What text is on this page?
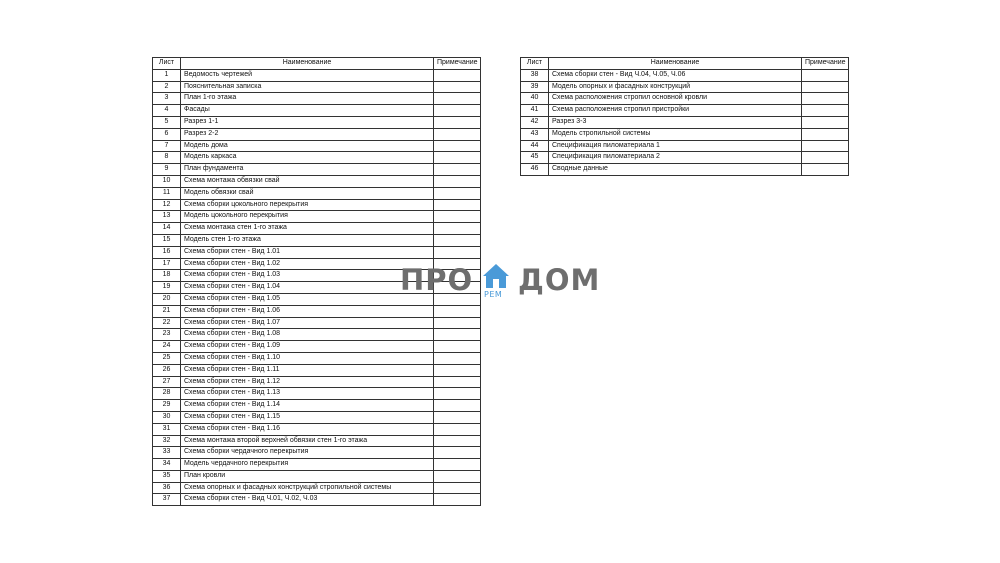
Лист	Наименование	Примечание
1	Ведомость чертежей	
2	Пояснительная записка	
3	План 1-го этажа	
4	Фасады	
5	Разрез 1-1	
6	Разрез 2-2	
7	Модель дома	
8	Модель каркаса	
9	План фундамента	
10	Схема монтажа обвязки свай	
11	Модель обвязки свай	
12	Схема сборки цокольного перекрытия	
13	Модель цокольного перекрытия	
14	Схема монтажа стен 1-го этажа	
15	Модель стен 1-го этажа	
16	Схема сборки стен - Вид 1.01	
17	Схема сборки стен - Вид 1.02	
18	Схема сборки стен - Вид 1.03	
19	Схема сборки стен - Вид 1.04	
20	Схема сборки стен - Вид 1.05	
21	Схема сборки стен - Вид 1.06	
22	Схема сборки стен - Вид 1.07	
23	Схема сборки стен - Вид 1.08	
24	Схема сборки стен - Вид 1.09	
25	Схема сборки стен - Вид 1.10	
26	Схема сборки стен - Вид 1.11	
27	Схема сборки стен - Вид 1.12	
28	Схема сборки стен - Вид 1.13	
29	Схема сборки стен - Вид 1.14	
30	Схема сборки стен - Вид 1.15	
31	Схема сборки стен - Вид 1.16	
32	Схема монтажа второй верхней обвязки стен 1-го этажа	
33	Схема сборки чердачного перекрытия	
34	Модель чердачного перекрытия	
35	План кровли	
36	Схема опорных и фасадных конструкций стропильной системы	
37	Схема сборки стен - Вид Ч.01, Ч.02, Ч.03	
Лист	Наименование	Примечание
38	Схема сборки стен - Вид Ч.04, Ч.05, Ч.06	
39	Модель опорных и фасадных конструкций	
40	Схема расположения стропил основной кровли	
41	Схема расположения стропил пристройки	
42	Разрез 3-3	
43	Модель стропильной системы	
44	Спецификация пиломатериала 1	
45	Спецификация пиломатериала 2	
46	Сводные данные	
ПРО РЕМ ДОМ
